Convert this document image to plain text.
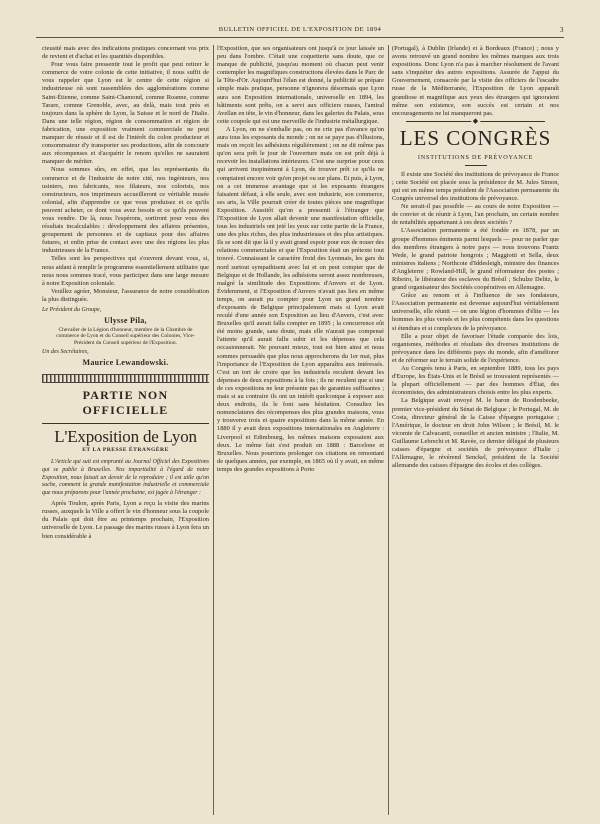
BULLETIN OFFICIEL DE L'EXPOSITION DE 1894	3

cieusité mais avec des indications pratiques concernant vos prix de revient et d'achat et les quantités disponibles.

Pour vous faire pressentir tout le profit que peut retirer le commerce de votre colonie de cette initiative, il nous suffit de vous rappeler que Lyon est le centre de cette région si industrieuse où sont rassemblées des agglomérations comme Saint-Étienne, comme Saint-Chamond, comme Roanne, comme Tarare, comme Grenoble, avec, au delà, mais tout près et toujours dans la sphère de Lyon, la Suisse et le nord de l'Italie. Dans une telle région, région de consommation et région de fabrication, une exposition vraiment commerciale ne peut manquer de réussir et il est de l'intérêt du colon producteur et consommateur d'y transporter ses productions, afin de concourir aux récompenses et d'acquérir le renom qu'elles ne sauraient manquer de mériter.

Nous sommes sûrs, en effet, que les représentants du commerce et de l'industrie de notre cité, nos ingénieurs, nos usiniers, nos fabricants, nos filateurs, nos colorists, nos constructeurs, nos imprimeurs accueilleront ce véritable musée colonial, afin d'apprendre ce que vous produisez et ce qu'ils peuvent acheter, ce dont vous avez besoin et ce qu'ils peuvent vous vendre. De là, nous l'espérons, sortiront pour vous des résultats incalculables : développement des affaires présentes, groupement de personnes et de capitaux pour des affaires futures, et enfin prise de contact avec une des régions les plus industrieuses de la France.

Telles sont les perspectives qui s'ouvrent devant vous, si, nous aidant à remplir le programme essentiellement utilitaire que nous nous sommes tracé, vous participez dans une large mesure à notre Exposition coloniale.

Veuillez agréer, Monsieur, l'assurance de notre considération la plus distinguée.

Le Président du Groupe,
Ulysse Pila,
Chevalier de la Légion d'honneur, membre de la Chambre de commerce de Lyon et du Conseil supérieur des Colonies, Vice-Président du Conseil supérieur de l'Exposition.
Un des Secrétaires,
Maurice Lewandowski.
PARTIE NON OFFICIELLE
L'Exposition de Lyon
ET LA PRESSE ÉTRANGÈRE

L'Article qui suit est emprunté au Journal Officiel des Expositions qui se publie à Bruxelles. Nos impartialité à l'égard de notre Exposition, nous faisait un devoir de le reproduire ; il est utile qu'on sache, comment la grande manifestation industrielle et commerciale que nous préparons pour l'année prochaine, est jugée à l'étranger :

Après Toulon, après Paris, Lyon a reçu la visite des marins russes, auxquels la Ville a offert le vin d'honneur sous la coupole du Palais qui doit être au printemps prochain, l'Exposition universelle de Lyon. Le passage des marins russes à Lyon fera un bien considérable à

l'Exposition, que ses organisateurs ont jusqu'à ce jour laissée un peu dans l'ombre. C'était une coquetterie sans doute, que ce manque de publicité, jusqu'au moment où chacun peut venir contempler les magnifiques constructions élevées dans le Parc de la Tête-d'Or. Aujourd'hui l'élan est donné, la publicité se prépare simple mais pratique, personne n'ignorera désormais que Lyon aura son Exposition internationale, universelle en 1894, les bâtiments sont prêts, on a servi aux officiers russes, l'amiral Avellan en tête, le vin d'honneur, dans les galeries du Palais, sous cette coupole qui est une merveille de l'industrie métallurgique.

A Lyon, on ne s'emballe pas, on ne crie pas d'avance qu'on aura tous les exposants du monde ; on ne se paye pas d'illusions, mais on reçoit les adhésions régulièrement ; on ne dit même pas qu'on sera prêt le jour de l'ouverture mais on est prêt déjà à recevoir les installations intérieures. C'est une surprise pour ceux qui arrivent inopinément à Lyon, de trouver prêt ce qu'ils ne comptaient encore voir qu'en projet ou sur plans. Et puis, à Lyon, on a cet immense avantage que si les exposants étrangers faisaient défaut, à elle seule, avec son industrie, son commerce, ses arts, la Ville pourrait créer de toutes pièces une magnifique Exposition. Aussitôt qu'on a pressenti à l'étranger que l'Exposition de Lyon allait devenir une manifestation officielle, tous les industriels ont jeté les yeux sur cette partie de la France, une des plus riches, des plus industrieuses et des plus artistiques. Ils se sont dit que là il y avait grand espoir pour eux de nouer des relations commerciales et que l'Exposition était un prétexte tout trouvé. Connaissant le caractère froid des Lyonnais, les gars du nord surtout sympathisent avec lui et on peut compter que de Belgique et de Hollande, les adhésions seront assez nombreuses, malgré la similitude des Expositions d'Anvers et de Lyon. Évidemment, si l'Exposition d'Anvers n'avait pas lieu en même temps, on aurait pu compter pour Lyon un grand nombre d'exposants de Belgique principalement mais si Lyon avait reculé d'une année son Exposition au lieu d'Anvers, c'est avec Bruxelles qu'il aurait fallu compter en 1895 ; la concurrence eût été moins grande, sans doute, mais elle n'aurait pas compensé l'attente qu'il aurait fallu subir et les dépenses que cela occasionnerait. Ne pouvant mieux, tout est bien ainsi et nous sommes persuadés que plus nous approcherons du 1er mai, plus l'importance de l'Exposition de Lyon apparaîtra aux intéressés. C'est un tort de croire que les industriels reculent devant les dépenses de deux expositions à la fois ; ils ne reculent que si une de ces expositions ne leur présente pas de garanties suffisantes ; mais si au contraire ils ont un intérêt quelconque à exposer aux deux endroits, ils le font sans hésitation. Consultez les nomenclatures des récompenses des plus grandes maisons, vous y trouverez trois et quatre expositions dans la même année. En 1880 il y avait deux expositions internationales en Angleterre : Liverpool et Edimbourg, les mêmes maisons exposaient aux deux. Le même fait s'est produit en 1888 : Barcelone et Bruxelles. Nous pourrions prolonger ces citations en remontant de quelques années, par exemple, en 1865 où il y avait, en même temps des grandes expositions à Porto

(Portugal), à Dublin (Irlande) et à Bordeaux (France) ; nous y avons retrouvé un grand nombre les mêmes marques aux trois expositions. Donc Lyon n'a pas à marcher résolument de l'avant sans s'inquiéter des autres expositions. Assurée de l'appui du Gouvernement, consacrée par la visite des officiers de l'escadre russe de la Méditerranée, l'Exposition de Lyon apparaît grandiose et magnifique aux yeux des étrangers qui ignoraient même son existence, son succès est certain et nos encouragements ne lui manqueront pas.

◆
LES CONGRÈS
INSTITUTIONS DE PRÉVOYANCE

Il existe une Société des institutions de prévoyance de France ; cette Société est placée sous la présidence de M. Jules Simon, qui est en même temps président de l'Association permanente du Congrès universel des institutions de prévoyance.

Ne serait-il pas possible — au cours de notre Exposition — de convier et de réunir à Lyon, l'an prochain, un certain nombre de notabilités appartenant à ces deux sociétés ?

L'Association permanente a été fondée en 1878, par un groupe d'hommes éminents parmi lesquels — pour ne parler que des membres étrangers à notre pays — nous trouvons Frantz Wede, le grand patriote hongrois ; Maggiotti et Sella, deux ministres italiens ; Northcote d'Iddesleigh, ministre des finances d'Angleterre ; Rowland-Hill, le grand réformateur des postes ; Ribeiro, le libérateur des esclaves du Brésil ; Schulze Delitz, le grand organisateur des Sociétés coopératives en Allemagne.

Grâce au renom et à l'influence de ses fondateurs, l'Association permanente est devenue aujourd'hui véritablement universelle, elle réunit — on une légion d'hommes d'élite — les hommes les plus versés et les plus compétents dans les questions si étendues et si complexes de la prévoyance.

Elle a pour objet de favoriser l'étude comparée des lois, organismes, méthodes et résultats des diverses institutions de prévoyance dans les différents pays du monde, afin d'améliorer et de réformer sur le terrain solide de l'expérience.

Au Congrès tenu à Paris, en septembre 1889, tous les pays d'Europe, les États-Unis et le Brésil se trouvaient représentés — la plupart officiellement — par des hommes d'État, des économistes, des administrateurs choisis entre les plus experts.

La Belgique avait envoyé M. le baron de Roodenbeeke, premier vice-président du Sénat de Belgique ; le Portugal, M. de Costa, directeur général de la Caisse d'épargne portugaise ; l'Amérique, le docteur en droit John Wilson ; le Brésil, M. le vicomte de Calvacanti, conseiller et ancien ministre ; l'Italie, M. Guillaume Lebrecht et M. Ravèe, ce dernier délégué de plusieurs caisses d'épargne et sociétés de prévoyance d'Italie ; l'Allemagne, le révérend Senckel, président de la Société allemande des caisses d'épargne des écoles et des collèges.
